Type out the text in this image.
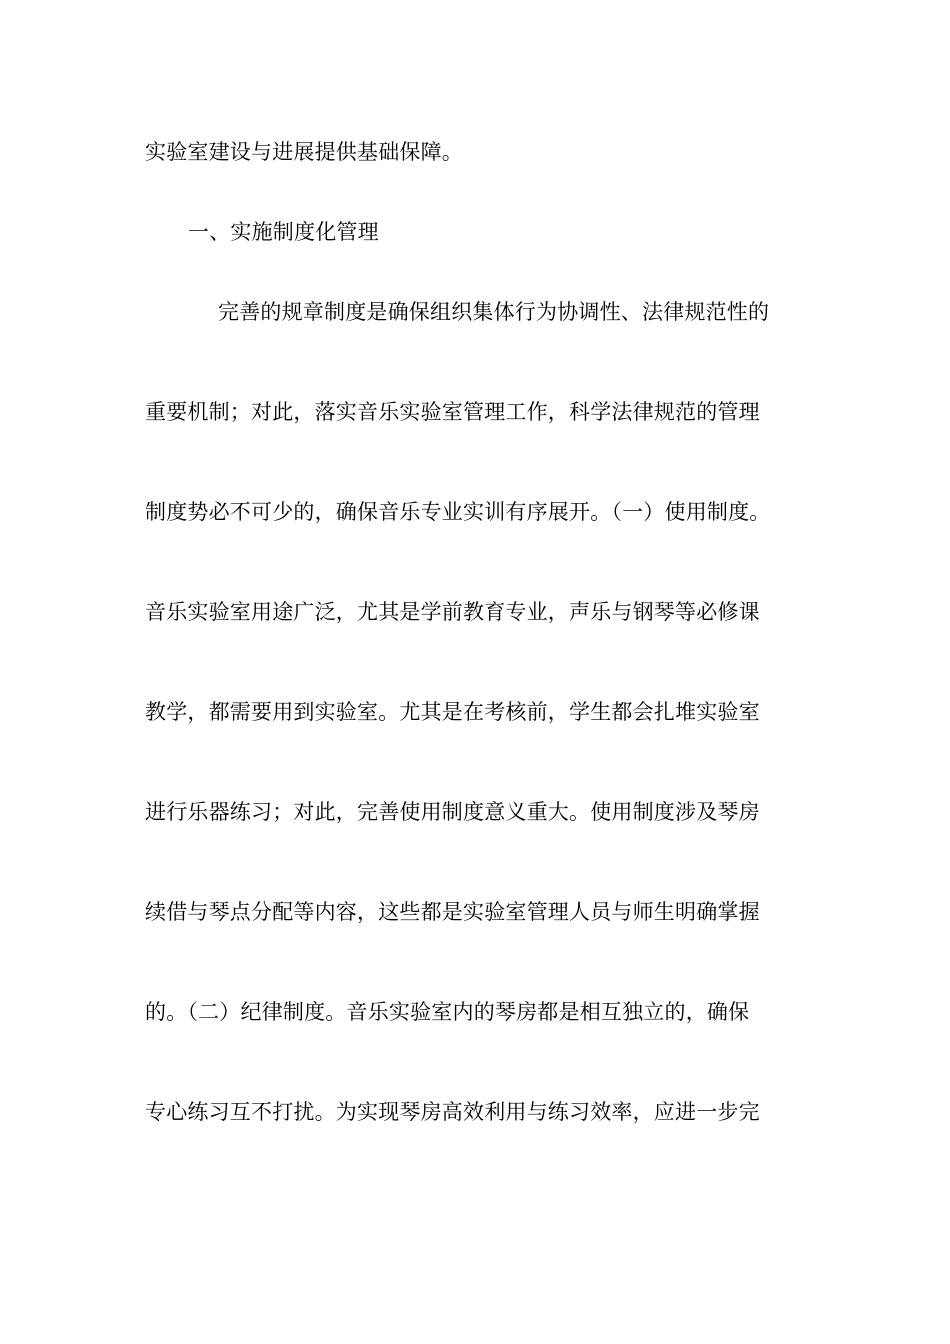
实验室建设与进展提供基础保障。
一、实施制度化管理
完善的规章制度是确保组织集体行为协调性、法律规范性的
重要机制；对此，落实音乐实验室管理工作，科学法律规范的管理
制度势必不可少的，确保音乐专业实训有序展开。（一）使用制度。
音乐实验室用途广泛，尤其是学前教育专业，声乐与钢琴等必修课
教学，都需要用到实验室。尤其是在考核前，学生都会扎堆实验室
进行乐器练习；对此，完善使用制度意义重大。使用制度涉及琴房
续借与琴点分配等内容，这些都是实验室管理人员与师生明确掌握
的。（二）纪律制度。音乐实验室内的琴房都是相互独立的，确保
专心练习互不打扰。为实现琴房高效利用与练习效率，应进一步完
